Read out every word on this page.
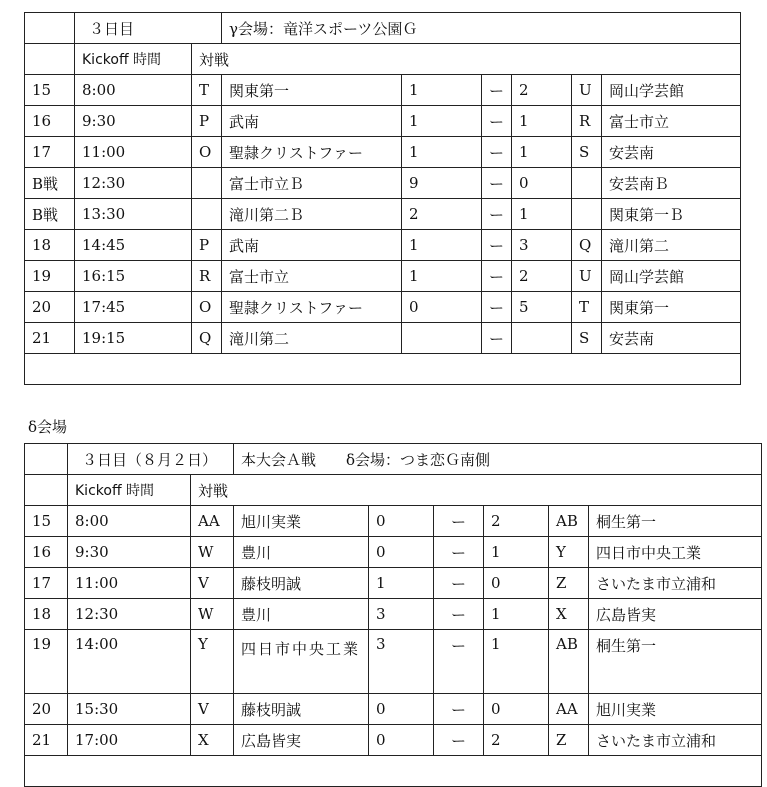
	３日目		γ会場：竜洋スポーツ公園Ｇ					
	Kickoff 時間	対戦						
15	8:00	T	関東第一	1	ー	2	U	岡山学芸館
16	9:30	P	武南	1	ー	1	R	富士市立
17	11:00	O	聖隷クリストファー	1	ー	1	S	安芸南
B戦	12:30		富士市立Ｂ	9	ー	0		安芸南Ｂ
B戦	13:30		滝川第二Ｂ	2	ー	1		関東第一Ｂ
18	14:45	P	武南	1	ー	3	Q	滝川第二
19	16:15	R	富士市立	1	ー	2	U	岡山学芸館
20	17:45	O	聖隷クリストファー	0	ー	5	T	関東第一
21	19:15	Q	滝川第二		ー		S	安芸南

δ会場
	３日目（８月２日）		本大会Ａ戦　　δ会場：つま恋Ｇ南側					
	Kickoff 時間	対戦						
15	8:00	AA	旭川実業	0	ー	2	AB	桐生第一
16	9:30	W	豊川	0	ー	1	Y	四日市中央工業
17	11:00	V	藤枝明誠	1	ー	0	Z	さいたま市立浦和
18	12:30	W	豊川	3	ー	1	X	広島皆実
19	14:00	Y	四日市中央工業	3	ー	1	AB	桐生第一
20	15:30	V	藤枝明誠	0	ー	0	AA	旭川実業
21	17:00	X	広島皆実	0	ー	2	Z	さいたま市立浦和
